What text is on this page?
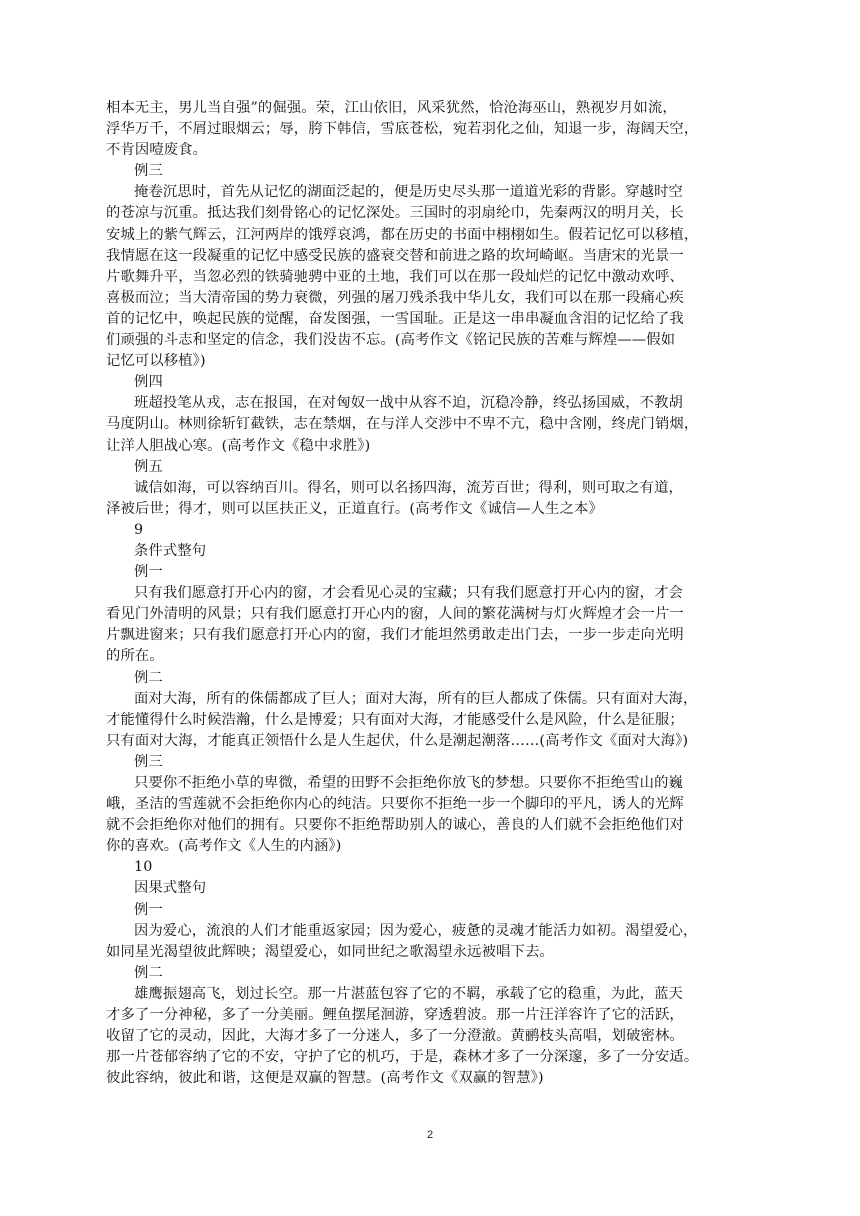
相本无主，男儿当自强”的倔强。荣，江山依旧，风采犹然，恰沧海巫山，熟视岁月如流，
浮华万千，不屑过眼烟云；辱，胯下韩信，雪底苍松，宛若羽化之仙，知退一步，海阔天空，
不肯因噎废食。
例三
掩卷沉思时，首先从记忆的湖面泛起的，便是历史尽头那一道道光彩的背影。穿越时空
的苍凉与沉重。抵达我们刻骨铭心的记忆深处。三国时的羽扇纶巾，先秦两汉的明月关，长
安城上的紫气辉云，江河两岸的饿殍哀鸿，都在历史的书面中栩栩如生。假若记忆可以移植，
我情愿在这一段凝重的记忆中感受民族的盛衰交替和前进之路的坎坷崎岖。当唐宋的光景一
片歌舞升平，当忽必烈的铁骑驰骋中亚的土地，我们可以在那一段灿烂的记忆中激动欢呼、
喜极而泣；当大清帝国的势力衰微，列强的屠刀残杀我中华儿女，我们可以在那一段痛心疾
首的记忆中，唤起民族的觉醒，奋发图强，一雪国耻。正是这一串串凝血含泪的记忆给了我
们顽强的斗志和坚定的信念，我们没齿不忘。(高考作文《铭记民族的苦难与辉煌——假如
记忆可以移植》)
例四
班超投笔从戎，志在报国，在对匈奴一战中从容不迫，沉稳冷静，终弘扬国威，不教胡
马度阴山。林则徐斩钉截铁，志在禁烟，在与洋人交涉中不卑不亢，稳中含刚，终虎门销烟，
让洋人胆战心寒。(高考作文《稳中求胜》)
例五
诚信如海，可以容纳百川。得名，则可以名扬四海，流芳百世；得利，则可取之有道，
泽被后世；得才，则可以匡扶正义，正道直行。(高考作文《诚信—人生之本》
9
条件式整句
例一
只有我们愿意打开心内的窗，才会看见心灵的宝藏；只有我们愿意打开心内的窗，才会
看见门外清明的风景；只有我们愿意打开心内的窗，人间的繁花满树与灯火辉煌才会一片一
片飘进窗来；只有我们愿意打开心内的窗，我们才能坦然勇敢走出门去，一步一步走向光明
的所在。
例二
面对大海，所有的侏儒都成了巨人；面对大海，所有的巨人都成了侏儒。只有面对大海，
才能懂得什么时候浩瀚，什么是博爱；只有面对大海，才能感受什么是风险，什么是征服；
只有面对大海，才能真正领悟什么是人生起伏，什么是潮起潮落……(高考作文《面对大海》)
例三
只要你不拒绝小草的卑微，希望的田野不会拒绝你放飞的梦想。只要你不拒绝雪山的巍
峨，圣洁的雪莲就不会拒绝你内心的纯洁。只要你不拒绝一步一个脚印的平凡，诱人的光辉
就不会拒绝你对他们的拥有。只要你不拒绝帮助别人的诚心，善良的人们就不会拒绝他们对
你的喜欢。(高考作文《人生的内涵》)
10
因果式整句
例一
因为爱心，流浪的人们才能重返家园；因为爱心，疲惫的灵魂才能活力如初。渴望爱心，
如同星光渴望彼此辉映；渴望爱心，如同世纪之歌渴望永远被唱下去。
例二
雄鹰振翅高飞，划过长空。那一片湛蓝包容了它的不羁，承载了它的稳重，为此，蓝天
才多了一分神秘，多了一分美丽。鲤鱼摆尾洄游，穿透碧波。那一片汪洋容许了它的活跃，
收留了它的灵动，因此，大海才多了一分迷人，多了一分澄澈。黄鹂枝头高唱，划破密林。
那一片苍郁容纳了它的不安，守护了它的机巧，于是，森林才多了一分深邃，多了一分安适。
彼此容纳，彼此和谐，这便是双赢的智慧。(高考作文《双赢的智慧》)
2
